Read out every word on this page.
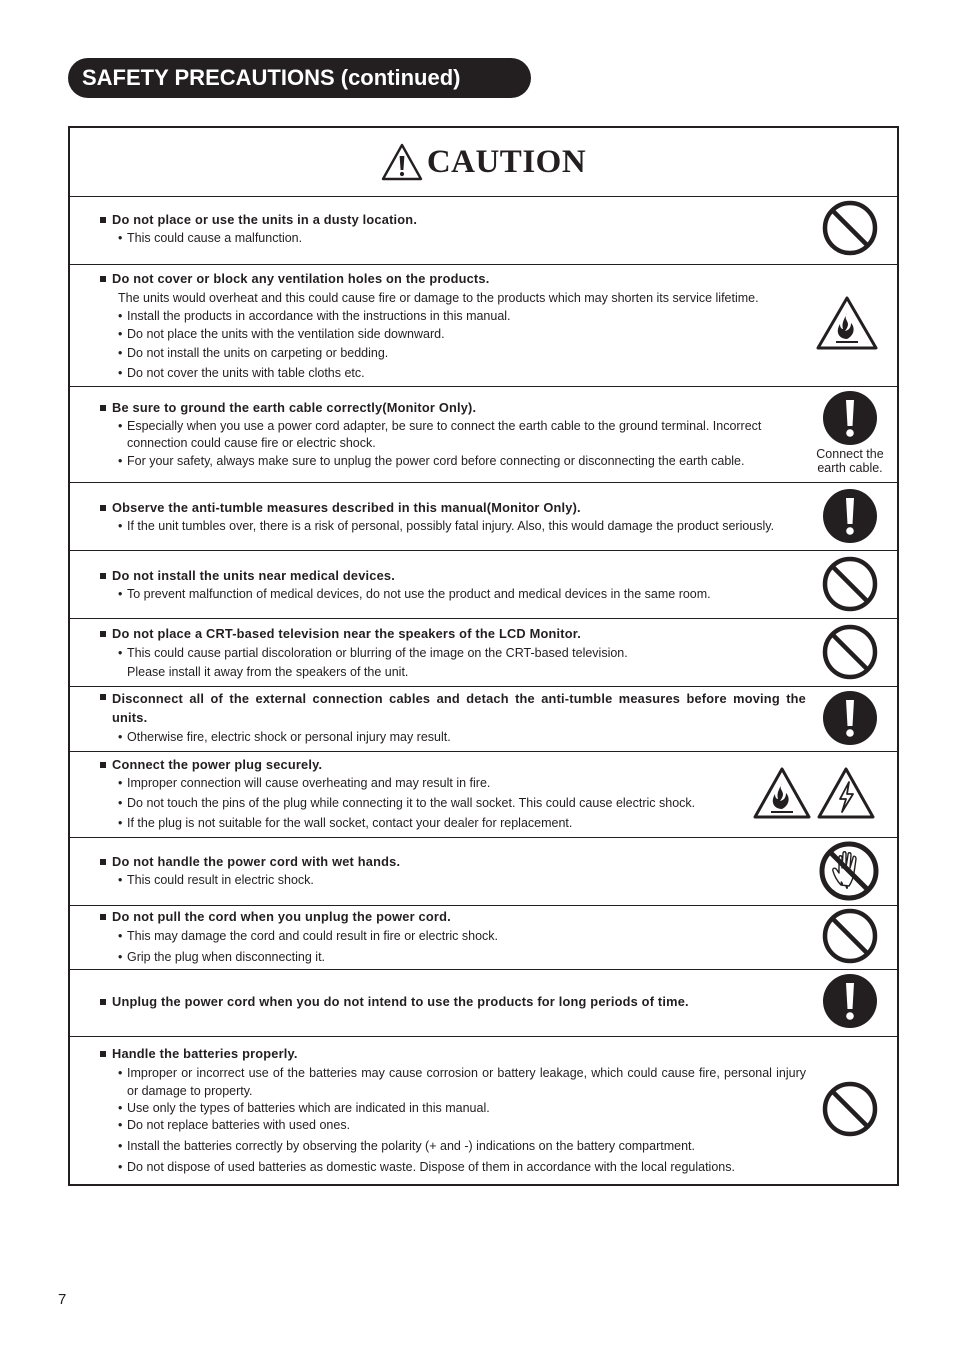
SAFETY PRECAUTIONS (continued)
CAUTION
Do not place or use the units in a dusty location.
• This could cause a malfunction.
Do not cover or block any ventilation holes on the products.
The units would overheat and this could cause fire or damage to the products which may shorten its service lifetime.
• Install the products in accordance with the instructions in this manual.
• Do not place the units with the ventilation side downward.
• Do not install the units on carpeting or bedding.
• Do not cover the units with table cloths etc.
Be sure to ground the earth cable correctly(Monitor Only).
• Especially when you use a power cord adapter, be sure to connect the earth cable to the ground terminal. Incorrect connection could cause fire or electric shock.
• For your safety, always make sure to unplug the power cord before connecting or disconnecting the earth cable.	Connect the
earth cable.
Observe the anti-tumble measures described in this manual(Monitor Only).
• If the unit tumbles over, there is a risk of personal, possibly fatal injury. Also, this would damage the product seriously.
Do not install the units near medical devices.
• To prevent malfunction of medical devices, do not use the product and medical devices in the same room.
Do not place a CRT-based television near the speakers of the LCD Monitor.
• This could cause partial discoloration or blurring of the image on the CRT-based television.
Please install it away from the speakers of the unit.
Disconnect all of the external connection cables and detach the anti-tumble measures before moving the units.
• Otherwise fire, electric shock or personal injury may result.
Connect the power plug securely.
• Improper connection will cause overheating and may result in fire.
• Do not touch the pins of the plug while connecting it to the wall socket. This could cause electric shock.
• If the plug is not suitable for the wall socket, contact your dealer for replacement.
Do not handle the power cord with wet hands.
• This could result in electric shock.
Do not pull the cord when you unplug the power cord.
• This may damage the cord and could result in fire or electric shock.
• Grip the plug when disconnecting it.
Unplug the power cord when you do not intend to use the products for long periods of time.
Handle the batteries properly.
• Improper or incorrect use of the batteries may cause corrosion or battery leakage, which could cause fire, personal injury or damage to property.
• Use only the types of batteries which are indicated in this manual.
• Do not replace batteries with used ones.
• Install the batteries correctly by observing the polarity (+ and -) indications on the battery compartment.
• Do not dispose of used batteries as domestic waste. Dispose of them in accordance with the local regulations.
7
